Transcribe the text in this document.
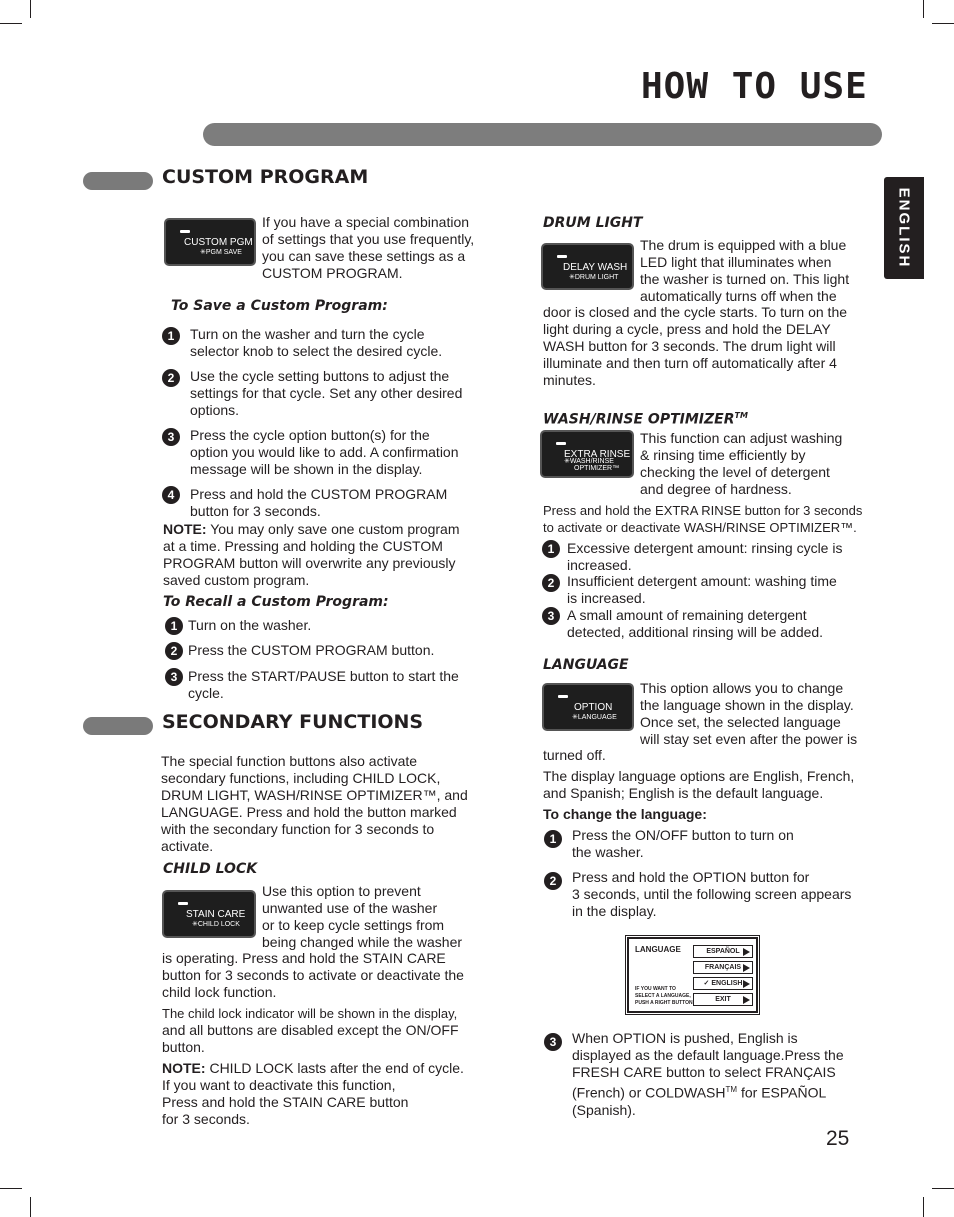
HOW TO USE
ENGLISH
CUSTOM PROGRAM
CUSTOM PGM
✳PGM SAVE
If you have a special combination
of settings that you use frequently,
you can save these settings as a
CUSTOM PROGRAM.
To Save a Custom Program:
1	Turn on the washer and turn the cycle
selector knob to select the desired cycle.
2	Use the cycle setting buttons to adjust the
settings for that cycle. Set any other desired
options.
3	Press the cycle option button(s) for the
option you would like to add. A confirmation
message will be shown in the display.
4	Press and hold the CUSTOM PROGRAM
button for 3 seconds.
NOTE: You may only save one custom program
at a time. Pressing and holding the CUSTOM
PROGRAM button will overwrite any previously
saved custom program.
To Recall a Custom Program:
1 Turn on the washer.
2 Press the CUSTOM PROGRAM button.
3 Press the START/PAUSE button to start the
cycle.
SECONDARY FUNCTIONS
The special function buttons also activate
secondary functions, including CHILD LOCK,
DRUM LIGHT, WASH/RINSE OPTIMIZER™, and
LANGUAGE. Press and hold the button marked
with the secondary function for 3 seconds to
activate.
CHILD LOCK
STAIN CARE
✳CHILD LOCK
Use this option to prevent
unwanted use of the washer
or to keep cycle settings from
being changed while the washer
is operating. Press and hold the STAIN CARE
button for 3 seconds to activate or deactivate the
child lock function.
The child lock indicator will be shown in the display,
and all buttons are disabled except the ON/OFF
button.
NOTE: CHILD LOCK lasts after the end of cycle.
If you want to deactivate this function,
Press and hold the STAIN CARE button
for 3 seconds.
DRUM LIGHT
DELAY WASH
✳DRUM LIGHT
The drum is equipped with a blue
LED light that illuminates when
the washer is turned on. This light
automatically turns off when the
door is closed and the cycle starts. To turn on the
light during a cycle, press and hold the DELAY
WASH button for 3 seconds. The drum light will
illuminate and then turn off automatically after 4
minutes.
WASH/RINSE OPTIMIZER™
EXTRA RINSE
✳WASH/RINSE
OPTIMIZER™
This function can adjust washing
& rinsing time efficiently by
checking the level of detergent
and degree of hardness.
Press and hold the EXTRA RINSE button for 3 seconds
to activate or deactivate WASH/RINSE OPTIMIZER™.
1 Excessive detergent amount: rinsing cycle is
increased.
2 Insufficient detergent amount: washing time
is increased.
3 A small amount of remaining detergent
detected, additional rinsing will be added.
LANGUAGE
OPTION
✳LANGUAGE
This option allows you to change
the language shown in the display.
Once set, the selected language
will stay set even after the power is
turned off.
The display language options are English, French,
and Spanish; English is the default language.
To change the language:
1	Press the ON/OFF button to turn on
the washer.
2	Press and hold the OPTION button for
3 seconds, until the following screen appears
in the display.
LANGUAGE	ESPAÑOL
FRANÇAIS
✓ ENGLISH
EXIT
IF YOU WANT TO
SELECT A LANGUAGE,
PUSH A RIGHT BUTTON
3	When OPTION is pushed, English is
displayed as the default language.Press the
FRESH CARE button to select FRANÇAIS
(French) or COLDWASH™ for ESPAÑOL
(Spanish).
25
